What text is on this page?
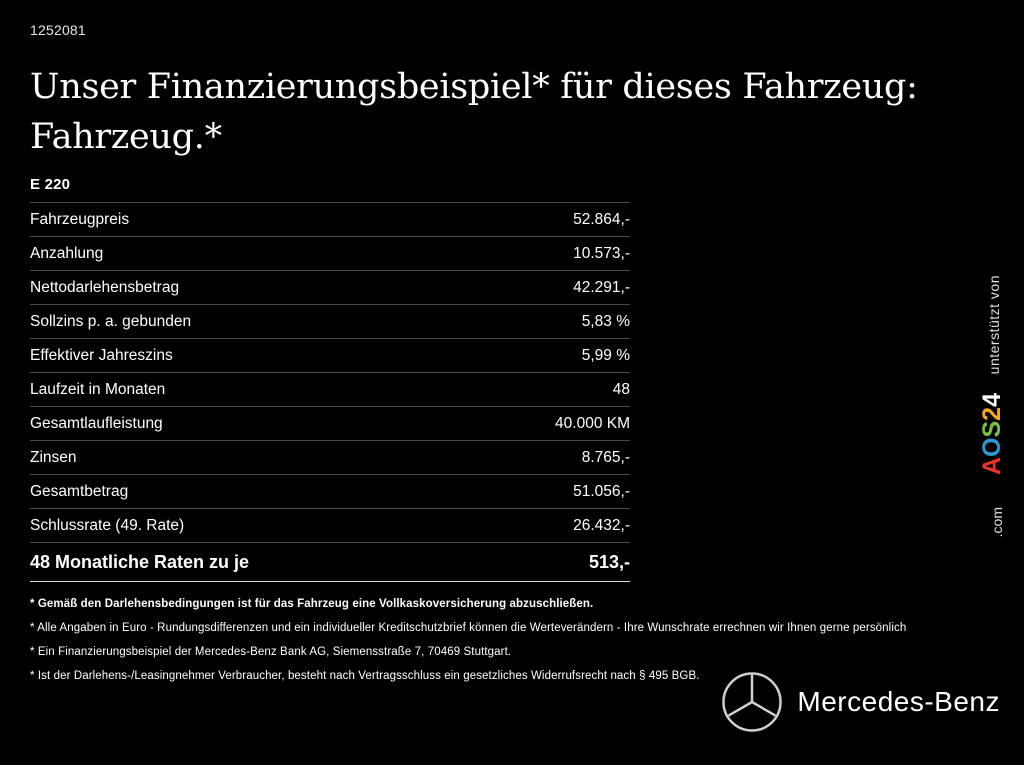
1252081
Unser Finanzierungsbeispiel* für dieses Fahrzeug: Fahrzeug.*
E 220
Fahrzeugpreis	52.864,-
Anzahlung	10.573,-
Nettodarlehensbetrag	42.291,-
Sollzins p. a. gebunden	5,83 %
Effektiver Jahreszins	5,99 %
Laufzeit in Monaten	48
Gesamtlaufleistung	40.000 KM
Zinsen	8.765,-
Gesamtbetrag	51.056,-
Schlussrate (49. Rate)	26.432,-
48 Monatliche Raten zu je	513,-
* Gemäß den Darlehensbedingungen ist für das Fahrzeug eine Vollkaskoversicherung abzuschließen.
* Alle Angaben in Euro - Rundungsdifferenzen und ein individueller Kreditschutzbrief können die Werteverändern - Ihre Wunschrate errechnen wir Ihnen gerne persönlich
* Ein Finanzierungsbeispiel der Mercedes-Benz Bank AG, Siemensstraße 7, 70469 Stuttgart.
* Ist der Darlehens-/Leasingnehmer Verbraucher, besteht nach Vertragsschluss ein gesetzliches Widerrufsrecht nach § 495 BGB.
unterstützt von
AOS24
.com
Mercedes-Benz
